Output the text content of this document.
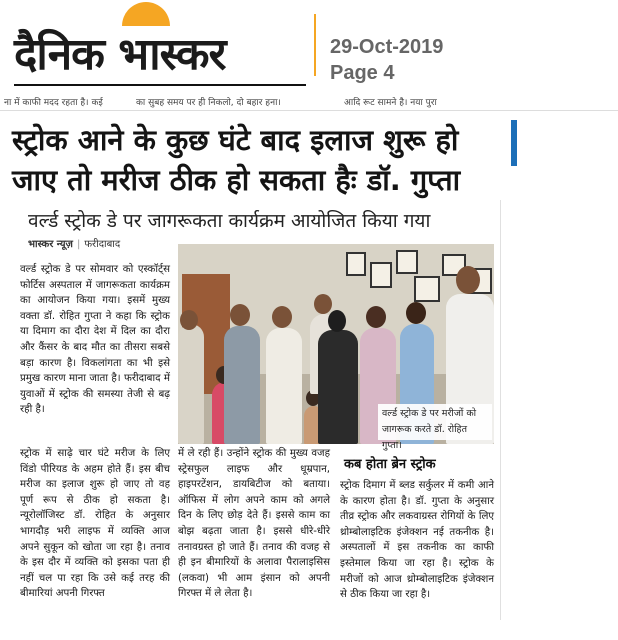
दैनिक भास्कर	29-Oct-2019
Page 4
ना में काफी मदद रहता है। कई	का सुबह समय पर ही निकलो, दो बहार हना।	आदि रूट सामने है। नया पुरा
स्ट्रोक आने के कुछ घंटे बाद इलाज शुरू हो जाए तो मरीज ठीक हो सकता हैः डॉ. गुप्ता
वर्ल्ड स्ट्रोक डे पर जागरूकता कार्यक्रम आयोजित किया गया
भास्कर न्यूज़ | फरीदाबाद
वर्ल्ड स्ट्रोक डे पर मरीजों को जागरूक करते डॉ. रोहित गुप्ता।
वर्ल्ड स्ट्रोक डे पर सोमवार को एस्कॉर्ट्स फोर्टिस अस्पताल में जागरूकता कार्यक्रम का आयोजन किया गया। इसमें मुख्य वक्ता डॉ. रोहित गुप्ता ने कहा कि स्ट्रोक या दिमाग का दौरा देश में दिल का दौरा और कैंसर के बाद मौत का तीसरा सबसे बड़ा कारण है। विकलांगता का भी इसे प्रमुख कारण माना जाता है। फरीदाबाद में युवाओं में स्ट्रोक की समस्या तेजी से बढ़ रही है।
स्ट्रोक में साढ़े चार घंटे मरीज के लिए विंडो पीरियड के अहम होते हैं। इस बीच मरीज का इलाज शुरू हो जाए तो वह पूर्ण रूप से ठीक हो सकता है। न्यूरोलॉजिस्ट डॉ. रोहित के अनुसार भागदौड़ भरी लाइफ में व्यक्ति आज अपने सुकून को खोता जा रहा है। तनाव के इस दौर में व्यक्ति को इसका पता ही नहीं चल पा रहा कि उसे कई तरह की बीमारियां अपनी गिरफ्त
में ले रही हैं। उन्होंने स्ट्रोक की मुख्य वजह स्ट्रेसफुल लाइफ और धूम्रपान, हाइपरटेंशन, डायबिटीज को बताया। ऑफिस में लोग अपने काम को अगले दिन के लिए छोड़ देते हैं। इससे काम का बोझ बढ़ता जाता है। इससे धीरे-धीरे तनावग्रस्त हो जाते हैं। तनाव की वजह से ही इन बीमारियों के अलावा पैरालाइसिस (लकवा) भी आम इंसान को अपनी गिरफ्त में ले लेता है।
कब होता ब्रेन स्ट्रोक
स्ट्रोक दिमाग में ब्लड सर्कुलर में कमी आने के कारण होता है। डॉ. गुप्ता के अनुसार तीव्र स्ट्रोक और लकवाग्रस्त रोगियों के लिए थ्रोम्बोलाइटिक इंजेक्शन नई तकनीक है। अस्पतालों में इस तकनीक का काफी इस्तेमाल किया जा रहा है। स्ट्रोक के मरीजों को आज थ्रोम्बोलाइटिक इंजेक्शन से ठीक किया जा रहा है।
